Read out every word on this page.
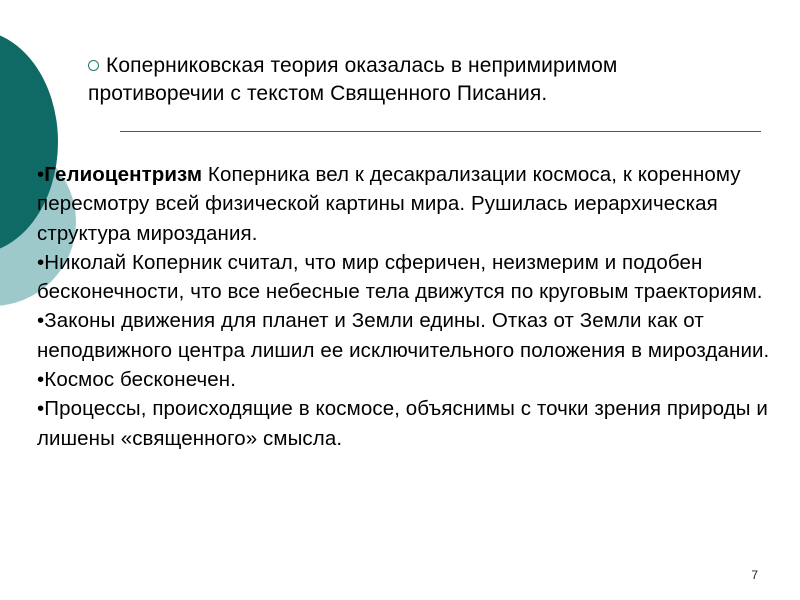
Коперниковская теория оказалась в непримиримом противоречии с текстом Священного Писания.

•Гелиоцентризм Коперника вел к десакрализации космоса, к коренному пересмотру всей физической картины мира. Рушилась иерархическая структура мироздания.

•Николай Коперник считал, что мир сферичен, неизмерим и подобен бесконечности, что все небесные тела движутся по круговым траекториям.

•Законы движения для планет и Земли едины. Отказ от Земли как от неподвижного центра лишил ее исключительного положения в мироздании.

•Космос бесконечен.

•Процессы, происходящие в космосе, объяснимы с точки зрения природы и лишены «священного» смысла.

7
